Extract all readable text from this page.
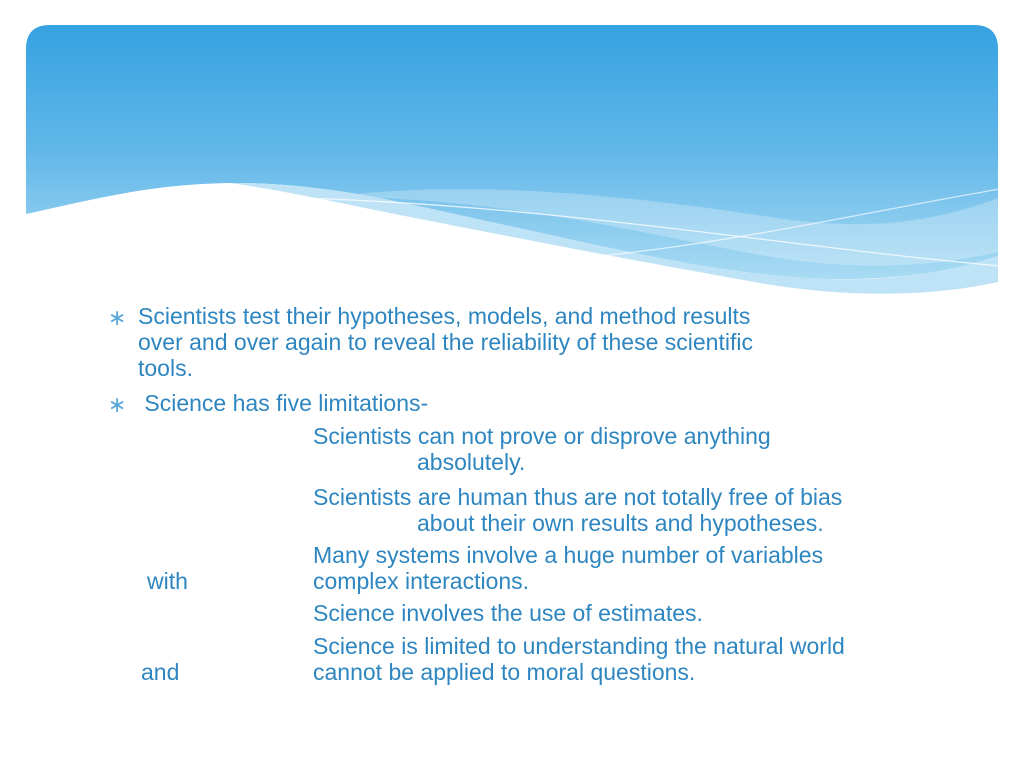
∗ Scientists test their hypotheses, models, and method results
over and over again to reveal the reliability of these scientific
tools.
∗ Science has five limitations-
Scientists can not prove or disprove anything
absolutely.
Scientists are human thus are not totally free of bias
about their own results and hypotheses.
Many systems involve a huge number of variables
with	complex interactions.
Science involves the use of estimates.
Science is limited to understanding the natural world
and	cannot be applied to moral questions.
